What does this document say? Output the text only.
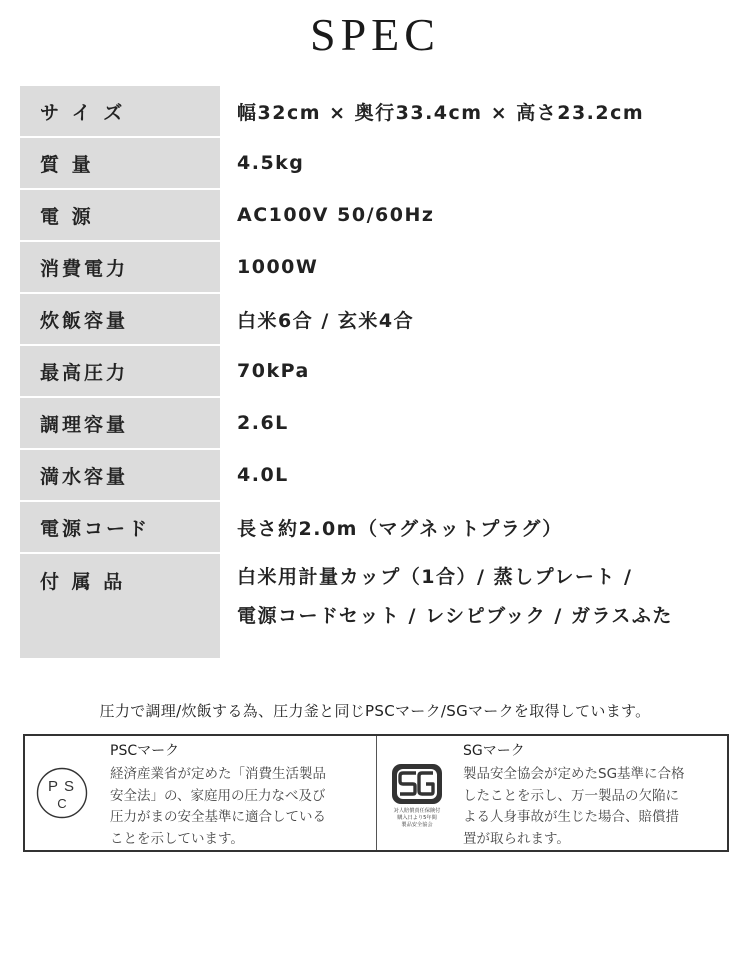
SPEC
サ イ ズ	幅32cm × 奥行33.4cm × 高さ23.2cm
質 量	4.5kg
電 源	AC100V 50/60Hz
消費電力	1000W
炊飯容量	白米6合 / 玄米4合
最高圧力	70kPa
調理容量	2.6L
満水容量	4.0L
電源コード	長さ約2.0m（マグネットプラグ）
付 属 品	白米用計量カップ（1合）/ 蒸しプレート /
電源コードセット / レシピブック / ガラスふた
圧力で調理/炊飯する為、圧力釜と同じPSCマーク/SGマークを取得しています。
P S
C
PSCマーク

経済産業省が定めた「消費生活製品
安全法」の、家庭用の圧力なべ及び
圧力がまの安全基準に適合している
ことを示しています。

対人賠償責任保険付
購入日より5年間
製品安全協会
SGマーク

製品安全協会が定めたSG基準に合格
したことを示し、万一製品の欠陥に
よる人身事故が生じた場合、賠償措
置が取られます。
